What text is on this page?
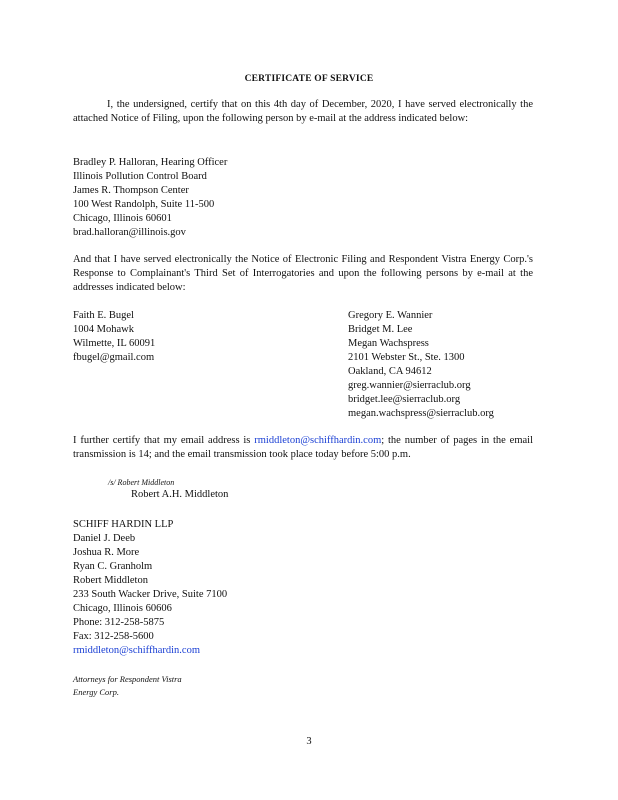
CERTIFICATE OF SERVICE
I, the undersigned, certify that on this 4th day of December, 2020, I have served electronically the attached Notice of Filing, upon the following person by e-mail at the address indicated below:
Bradley P. Halloran, Hearing Officer
Illinois Pollution Control Board
James R. Thompson Center
100 West Randolph, Suite 11-500
Chicago, Illinois 60601
brad.halloran@illinois.gov
And that I have served electronically the Notice of Electronic Filing and Respondent Vistra Energy Corp.'s Response to Complainant's Third Set of Interrogatories and upon the following persons by e-mail at the addresses indicated below:
Faith E. Bugel
1004 Mohawk
Wilmette, IL 60091
fbugel@gmail.com
Gregory E. Wannier
Bridget M. Lee
Megan Wachspress
2101 Webster St., Ste. 1300
Oakland, CA 94612
greg.wannier@sierraclub.org
bridget.lee@sierraclub.org
megan.wachspress@sierraclub.org
I further certify that my email address is rmiddleton@schiffhardin.com; the number of pages in the email transmission is 14; and the email transmission took place today before 5:00 p.m.
/s/ Robert Middleton
Robert A.H. Middleton
SCHIFF HARDIN LLP
Daniel J. Deeb
Joshua R. More
Ryan C. Granholm
Robert Middleton
233 South Wacker Drive, Suite 7100
Chicago, Illinois 60606
Phone: 312-258-5875
Fax: 312-258-5600
rmiddleton@schiffhardin.com
Attorneys for Respondent Vistra
Energy Corp.
3
